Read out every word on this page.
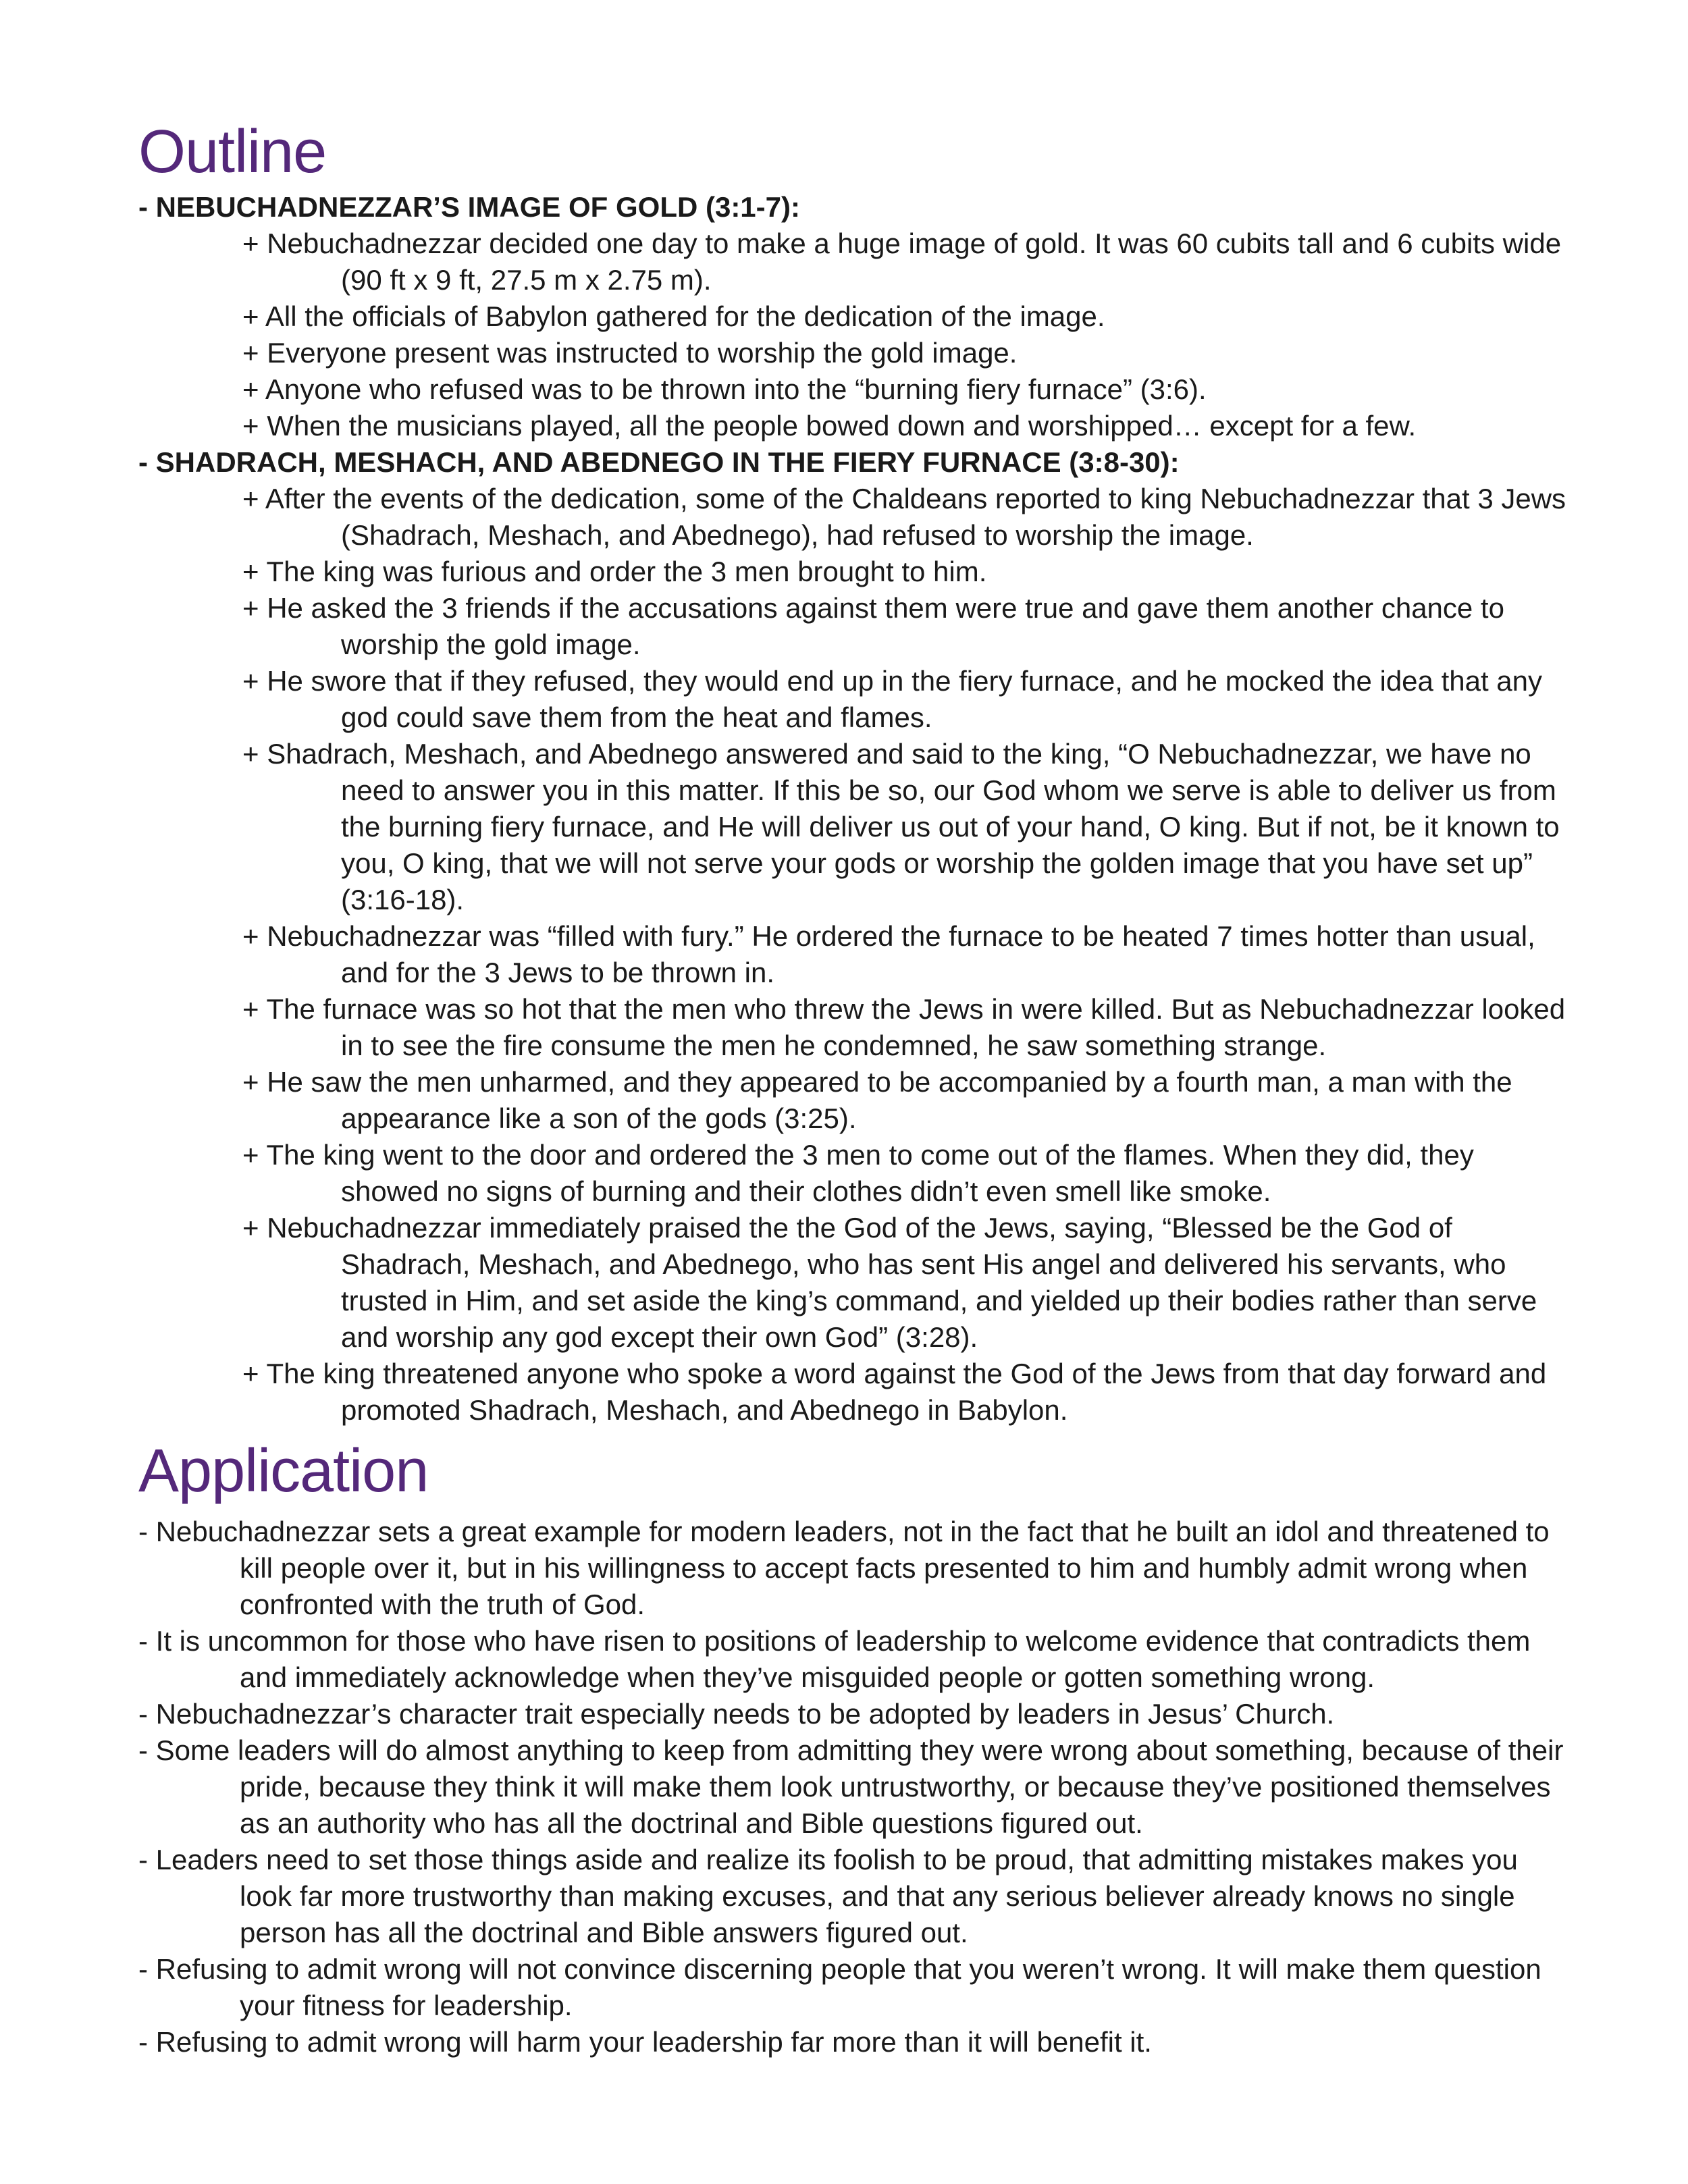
Outline
- NEBUCHADNEZZAR’S IMAGE OF GOLD (3:1-7):
+ Nebuchadnezzar decided one day to make a huge image of gold. It was 60 cubits tall and 6 cubits wide (90 ft x 9 ft, 27.5 m x 2.75 m).
+ All the officials of Babylon gathered for the dedication of the image.
+ Everyone present was instructed to worship the gold image.
+ Anyone who refused was to be thrown into the “burning fiery furnace” (3:6).
+ When the musicians played, all the people bowed down and worshipped… except for a few.
- SHADRACH, MESHACH, AND ABEDNEGO IN THE FIERY FURNACE (3:8-30):
+ After the events of the dedication, some of the Chaldeans reported to king Nebuchadnezzar that 3 Jews (Shadrach, Meshach, and Abednego), had refused to worship the image.
+ The king was furious and order the 3 men brought to him.
+ He asked the 3 friends if the accusations against them were true and gave them another chance to worship the gold image.
+ He swore that if they refused, they would end up in the fiery furnace, and he mocked the idea that any god could save them from the heat and flames.
+ Shadrach, Meshach, and Abednego answered and said to the king, “O Nebuchadnezzar, we have no need to answer you in this matter. If this be so, our God whom we serve is able to deliver us from the burning fiery furnace, and He will deliver us out of your hand, O king. But if not, be it known to you, O king, that we will not serve your gods or worship the golden image that you have set up” (3:16-18).
+ Nebuchadnezzar was “filled with fury.” He ordered the furnace to be heated 7 times hotter than usual, and for the 3 Jews to be thrown in.
+ The furnace was so hot that the men who threw the Jews in were killed. But as Nebuchadnezzar looked in to see the fire consume the men he condemned, he saw something strange.
+ He saw the men unharmed, and they appeared to be accompanied by a fourth man, a man with the appearance like a son of the gods (3:25).
+ The king went to the door and ordered the 3 men to come out of the flames. When they did, they showed no signs of burning and their clothes didn’t even smell like smoke.
+ Nebuchadnezzar immediately praised the the God of the Jews, saying, “Blessed be the God of Shadrach, Meshach, and Abednego, who has sent His angel and delivered his servants, who trusted in Him, and set aside the king’s command, and yielded up their bodies rather than serve and worship any god except their own God” (3:28).
+ The king threatened anyone who spoke a word against the God of the Jews from that day forward and promoted Shadrach, Meshach, and Abednego in Babylon.
Application
- Nebuchadnezzar sets a great example for modern leaders, not in the fact that he built an idol and threatened to kill people over it, but in his willingness to accept facts presented to him and humbly admit wrong when confronted with the truth of God.
- It is uncommon for those who have risen to positions of leadership to welcome evidence that contradicts them and immediately acknowledge when they’ve misguided people or gotten something wrong.
- Nebuchadnezzar’s character trait especially needs to be adopted by leaders in Jesus’ Church.
- Some leaders will do almost anything to keep from admitting they were wrong about something, because of their pride, because they think it will make them look untrustworthy, or because they’ve positioned themselves as an authority who has all the doctrinal and Bible questions figured out.
- Leaders need to set those things aside and realize its foolish to be proud, that admitting mistakes makes you look far more trustworthy than making excuses, and that any serious believer already knows no single person has all the doctrinal and Bible answers figured out.
- Refusing to admit wrong will not convince discerning people that you weren’t wrong. It will make them question your fitness for leadership.
- Refusing to admit wrong will harm your leadership far more than it will benefit it.
